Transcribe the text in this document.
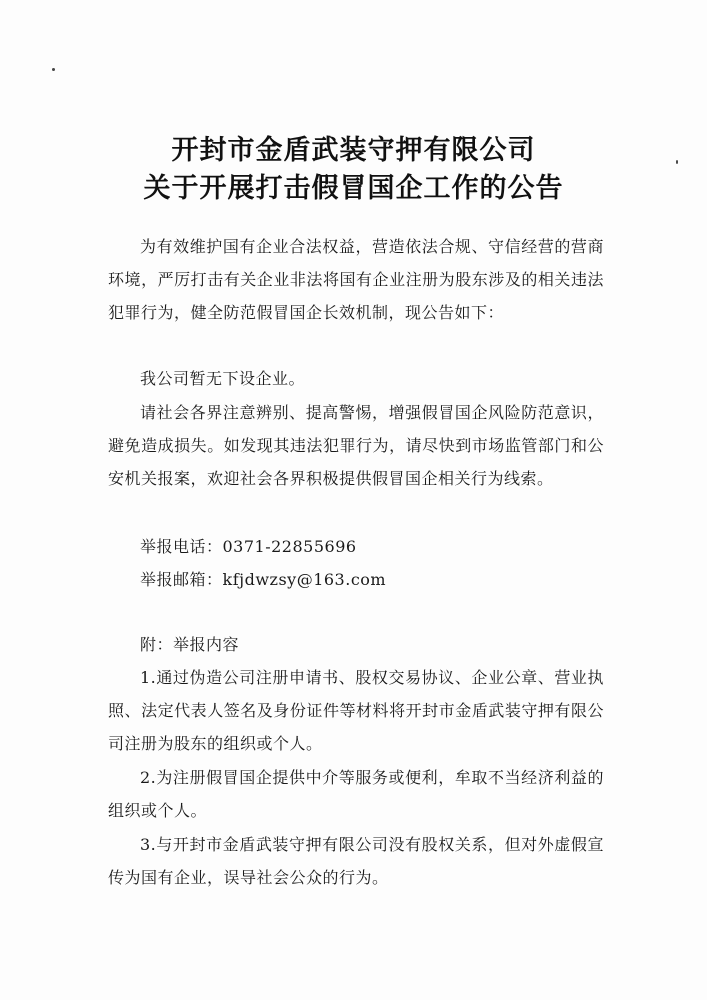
开封市金盾武装守押有限公司
关于开展打击假冒国企工作的公告

为有效维护国有企业合法权益，营造依法合规、守信经营的营商环境，严厉打击有关企业非法将国有企业注册为股东涉及的相关违法犯罪行为，健全防范假冒国企长效机制，现公告如下：

我公司暂无下设企业。

请社会各界注意辨别、提高警惕，增强假冒国企风险防范意识，避免造成损失。如发现其违法犯罪行为，请尽快到市场监管部门和公安机关报案，欢迎社会各界积极提供假冒国企相关行为线索。

举报电话：0371-22855696

举报邮箱：kfjdwzsy@163.com

附：举报内容

1.通过伪造公司注册申请书、股权交易协议、企业公章、营业执照、法定代表人签名及身份证件等材料将开封市金盾武装守押有限公司注册为股东的组织或个人。

2.为注册假冒国企提供中介等服务或便利，牟取不当经济利益的组织或个人。

3.与开封市金盾武装守押有限公司没有股权关系，但对外虚假宣传为国有企业，误导社会公众的行为。
